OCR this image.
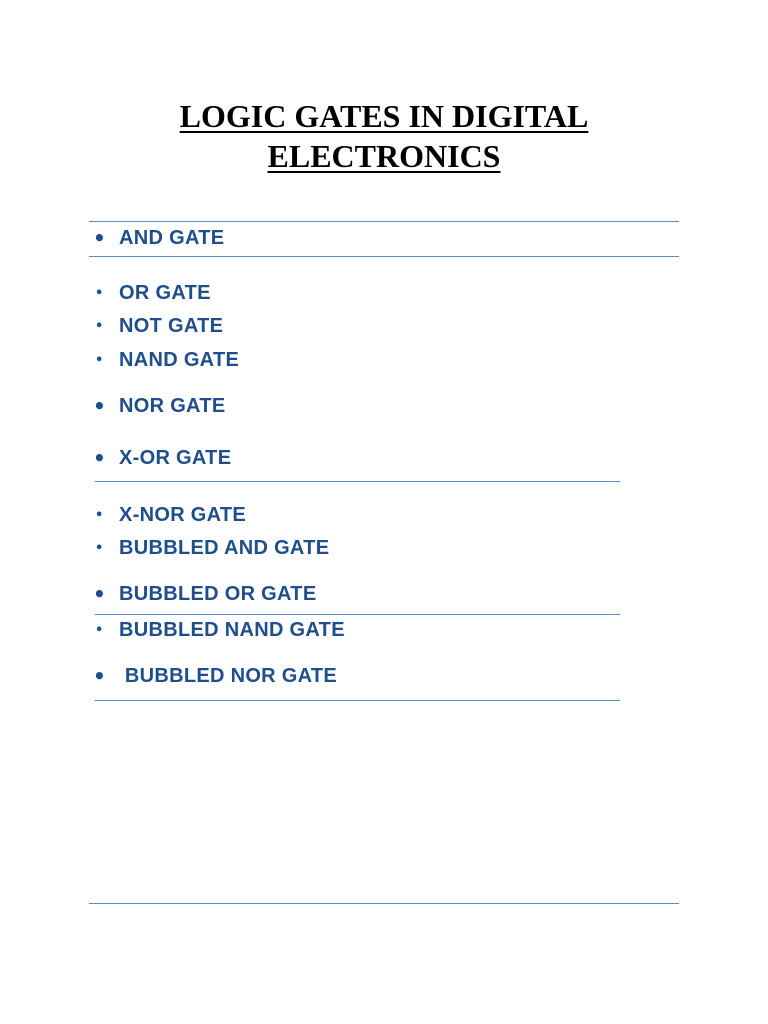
LOGIC GATES IN DIGITAL
ELECTRONICS
• AND GATE
• OR GATE
• NOT GATE
• NAND GATE
• NOR GATE
• X-OR GATE
• X-NOR GATE
• BUBBLED AND GATE
• BUBBLED OR GATE
• BUBBLED NAND GATE
• BUBBLED NOR GATE
